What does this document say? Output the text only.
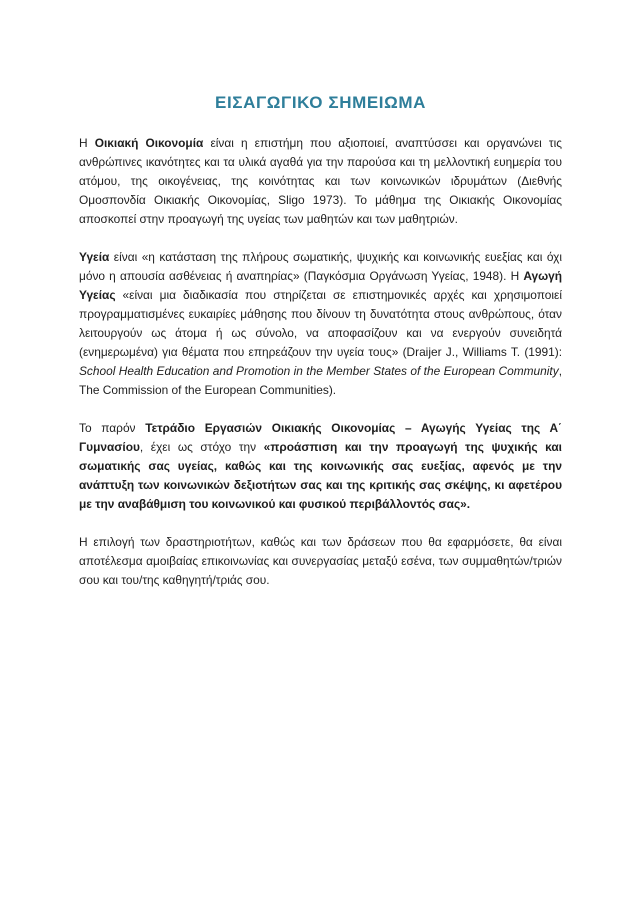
ΕΙΣΑΓΩΓΙΚΟ ΣΗΜΕΙΩΜΑ

Η Οικιακή Οικονομία είναι η επιστήμη που αξιοποιεί, αναπτύσσει και οργανώνει τις ανθρώπινες ικανότητες και τα υλικά αγαθά για την παρούσα και τη μελλοντική ευημερία του ατόμου, της οικογένειας, της κοινότητας και των κοινωνικών ιδρυμάτων (Διεθνής Ομοσπονδία Οικιακής Οικονομίας, Sligo 1973). Το μάθημα της Οικιακής Οικονομίας αποσκοπεί στην προαγωγή της υγείας των μαθητών και των μαθητριών.

Υγεία είναι «η κατάσταση της πλήρους σωματικής, ψυχικής και κοινωνικής ευεξίας και όχι μόνο η απουσία ασθένειας ή αναπηρίας» (Παγκόσμια Οργάνωση Υγείας, 1948). Η Αγωγή Υγείας «είναι μια διαδικασία που στηρίζεται σε επιστημονικές αρχές και χρησιμοποιεί προγραμματισμένες ευκαιρίες μάθησης που δίνουν τη δυνατότητα στους ανθρώπους, όταν λειτουργούν ως άτομα ή ως σύνολο, να αποφασίζουν και να ενεργούν συνειδητά (ενημερωμένα) για θέματα που επηρεάζουν την υγεία τους» (Draijer J., Williams T. (1991): School Health Education and Promotion in the Member States of the European Community, The Commission of the European Communities).

Το παρόν Τετράδιο Εργασιών Οικιακής Οικονομίας – Αγωγής Υγείας της Α΄ Γυμνασίου, έχει ως στόχο την «προάσπιση και την προαγωγή της ψυχικής και σωματικής σας υγείας, καθώς και της κοινωνικής σας ευεξίας, αφενός με την ανάπτυξη των κοινωνικών δεξιοτήτων σας και της κριτικής σας σκέψης, κι αφετέρου με την αναβάθμιση του κοινωνικού και φυσικού περιβάλλοντός σας».

Η επιλογή των δραστηριοτήτων, καθώς και των δράσεων που θα εφαρμόσετε, θα είναι αποτέλεσμα αμοιβαίας επικοινωνίας και συνεργασίας μεταξύ εσένα, των συμμαθητών/τριών σου και του/της καθηγητή/τριάς σου.
